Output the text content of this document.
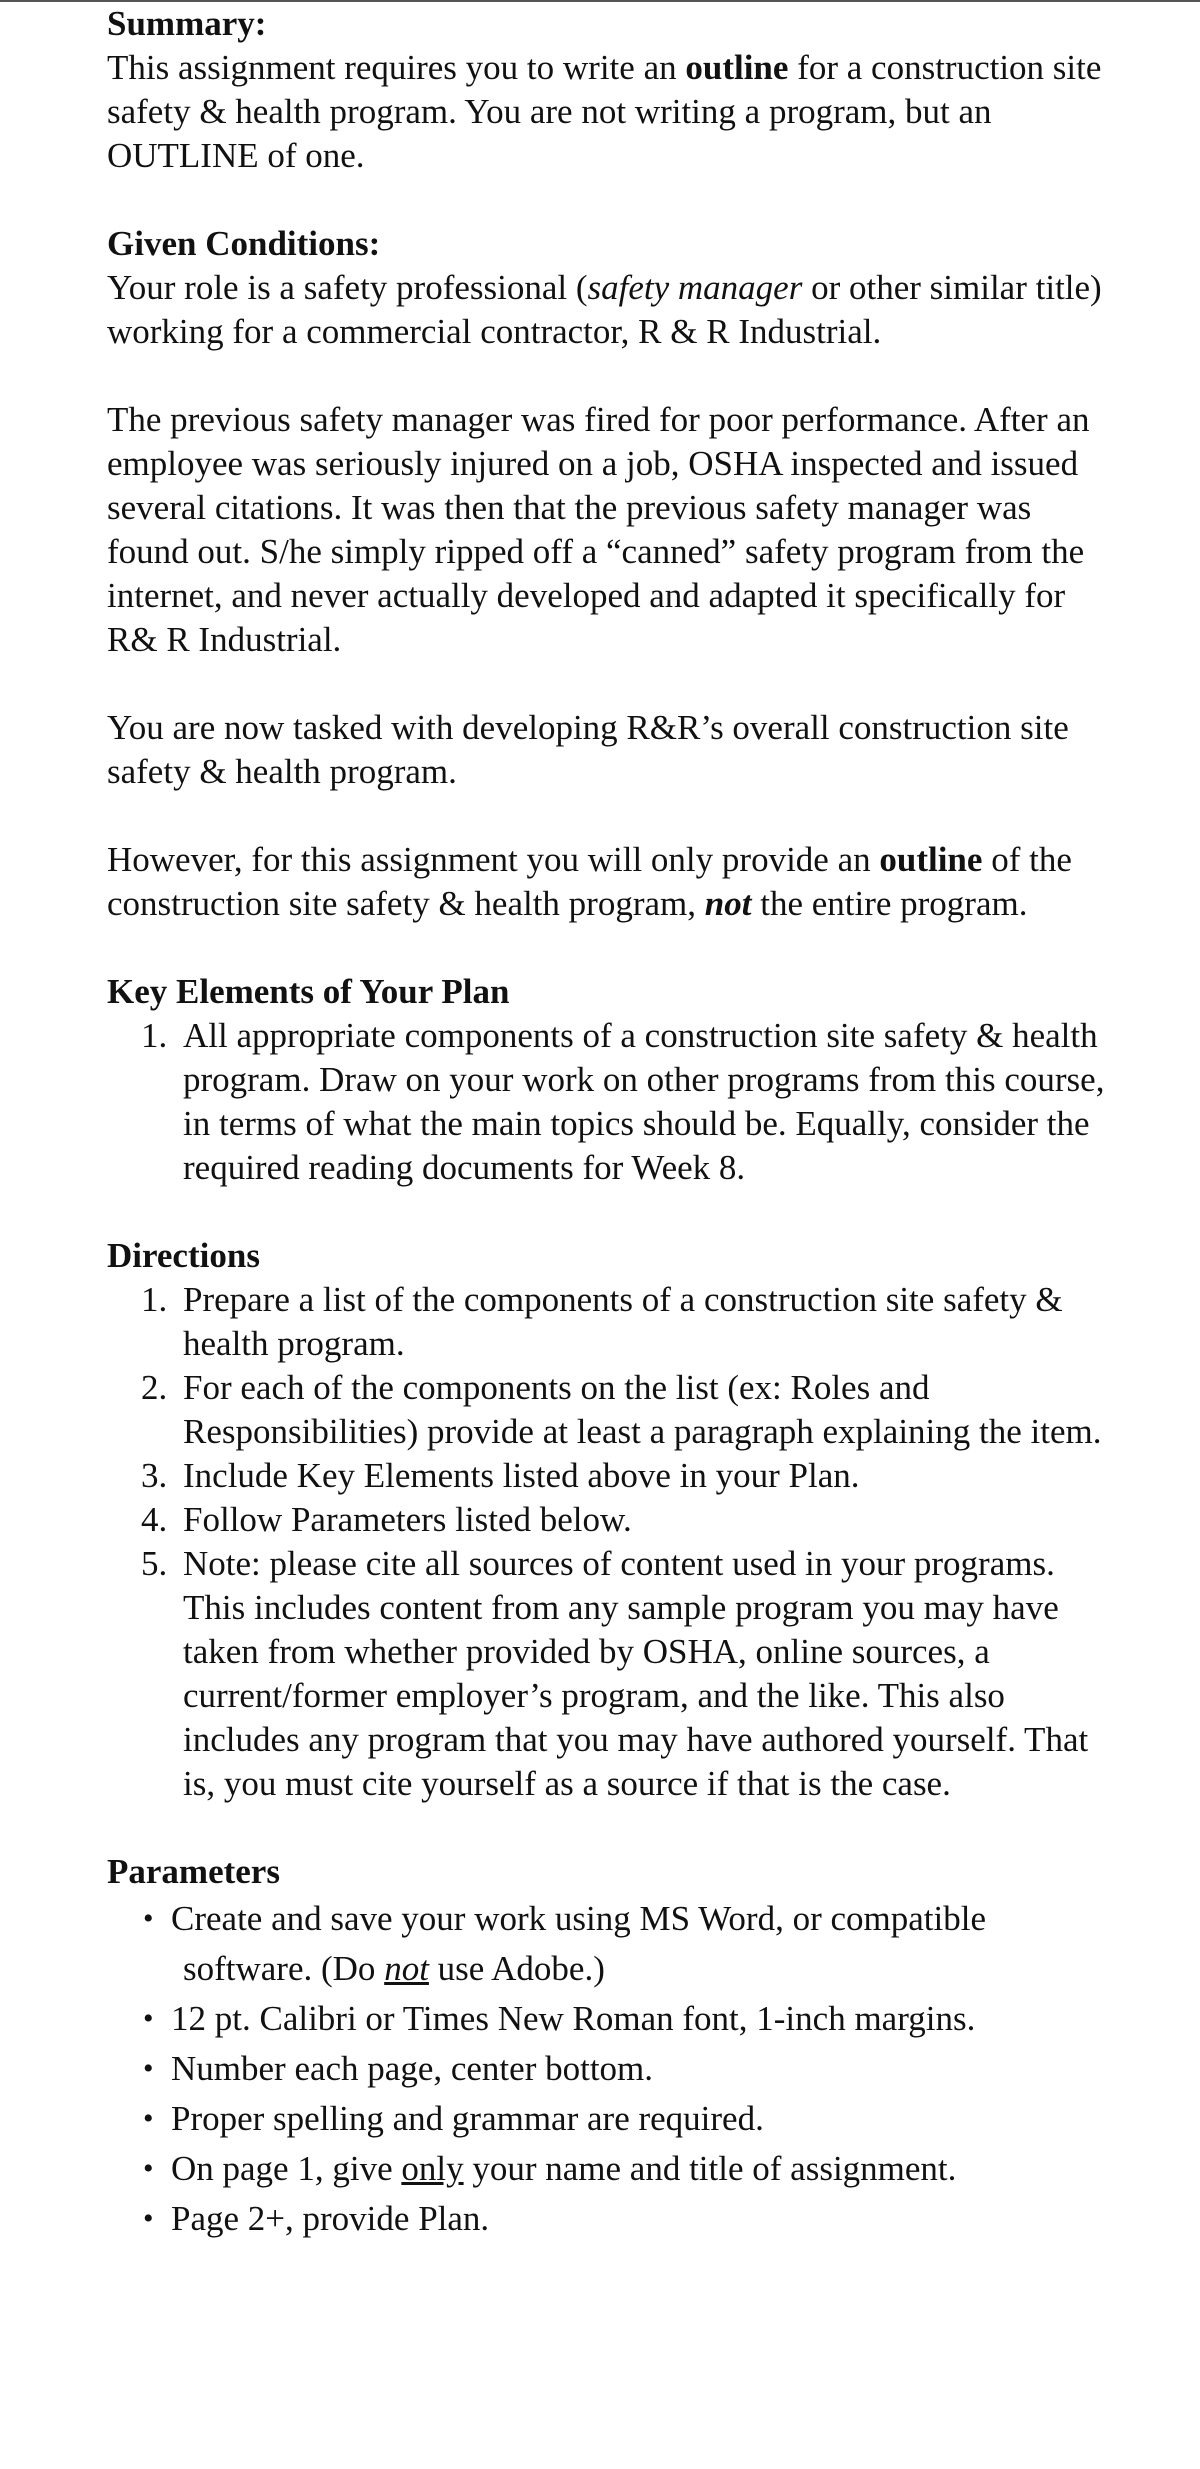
Summary:

This assignment requires you to write an outline for a construction site safety & health program. You are not writing a program, but an OUTLINE of one.

Given Conditions:

Your role is a safety professional (safety manager or other similar title) working for a commercial contractor, R & R Industrial.

The previous safety manager was fired for poor performance. After an employee was seriously injured on a job, OSHA inspected and issued several citations. It was then that the previous safety manager was found out. S/he simply ripped off a “canned” safety program from the internet, and never actually developed and adapted it specifically for R& R Industrial.

You are now tasked with developing R&R’s overall construction site safety & health program.

However, for this assignment you will only provide an outline of the construction site safety & health program, not the entire program.

Key Elements of Your Plan

1. All appropriate components of a construction site safety & health program. Draw on your work on other programs from this course, in terms of what the main topics should be. Equally, consider the required reading documents for Week 8.

Directions

1. Prepare a list of the components of a construction site safety & health program.
2. For each of the components on the list (ex: Roles and Responsibilities) provide at least a paragraph explaining the item.
3. Include Key Elements listed above in your Plan.
4. Follow Parameters listed below.
5. Note: please cite all sources of content used in your programs. This includes content from any sample program you may have taken from whether provided by OSHA, online sources, a current/former employer’s program, and the like. This also includes any program that you may have authored yourself. That is, you must cite yourself as a source if that is the case.

Parameters

• Create and save your work using MS Word, or compatible
software. (Do not use Adobe.)
• 12 pt. Calibri or Times New Roman font, 1-inch margins.
• Number each page, center bottom.
• Proper spelling and grammar are required.
• On page 1, give only your name and title of assignment.
• Page 2+, provide Plan.
